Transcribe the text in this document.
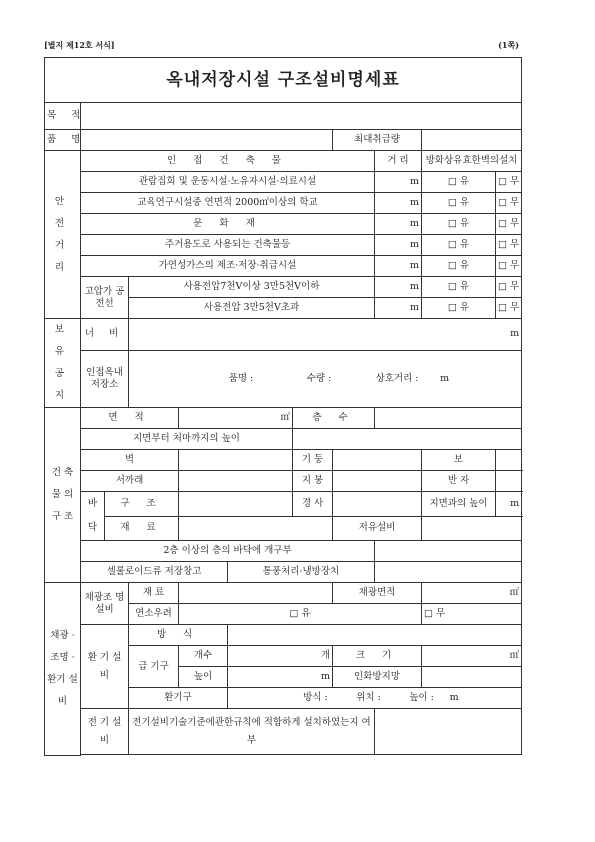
[별지 제12호 서식]	(1쪽)
옥내저장시설 구조설비명세표										
목 적										
품 명							최대취급량			
안 전 거 리	인 접 건 축 물							거 리	방화상유효한벽의설치	
	관람집회 및 운동시설·노유자시설·의료시설							m	□ 유	□ 무
	교육연구시설중 연면적 2000㎡이상의 학교							m	□ 유	□ 무
	문 화 재							m	□ 유	□ 무
	주거용도로 사용되는 건축물등							m	□ 유	□ 무
	가연성가스의 제조·저장·취급시설							m	□ 유	□ 무
	고압가 공전선		사용전압7천V이상 3만5천V이하					m	□ 유	□ 무
			사용전압 3만5천V초과					m	□ 유	□ 무
보 유 공 지	너 비		m							
	인접옥내 저장소		품명 : 수량 : 상호거리 : m							
건 축 물 의 구 조	면 적			㎡		층 수				
	지면부터 처마까지의 높이									
	벽					기 둥			보	
	서까래					지 붕			반 자	
	바 닥	구 조				경 사			지면과의 높이	m
		재 료					저유설비			
	2층 이상의 층의 바닥에 개구부									
	셀룰로이드류 저장창고				통풍처리·냉방장치					
채광 · 조명 · 환기 설비	채광조 명설비		재 료				채광면적		㎡	
			연소우려	□ 유					□ 무	
	환 기 설 비		방 식							
			급 기구	개수	개		크 기		㎡	
				높이	m		인화방지망			
			환기구		방식 : 위치 : 높이 : m					
	전 기 설 비		전기설비기술기준에관한규칙에 적합하게 설치하였는지 여부							
